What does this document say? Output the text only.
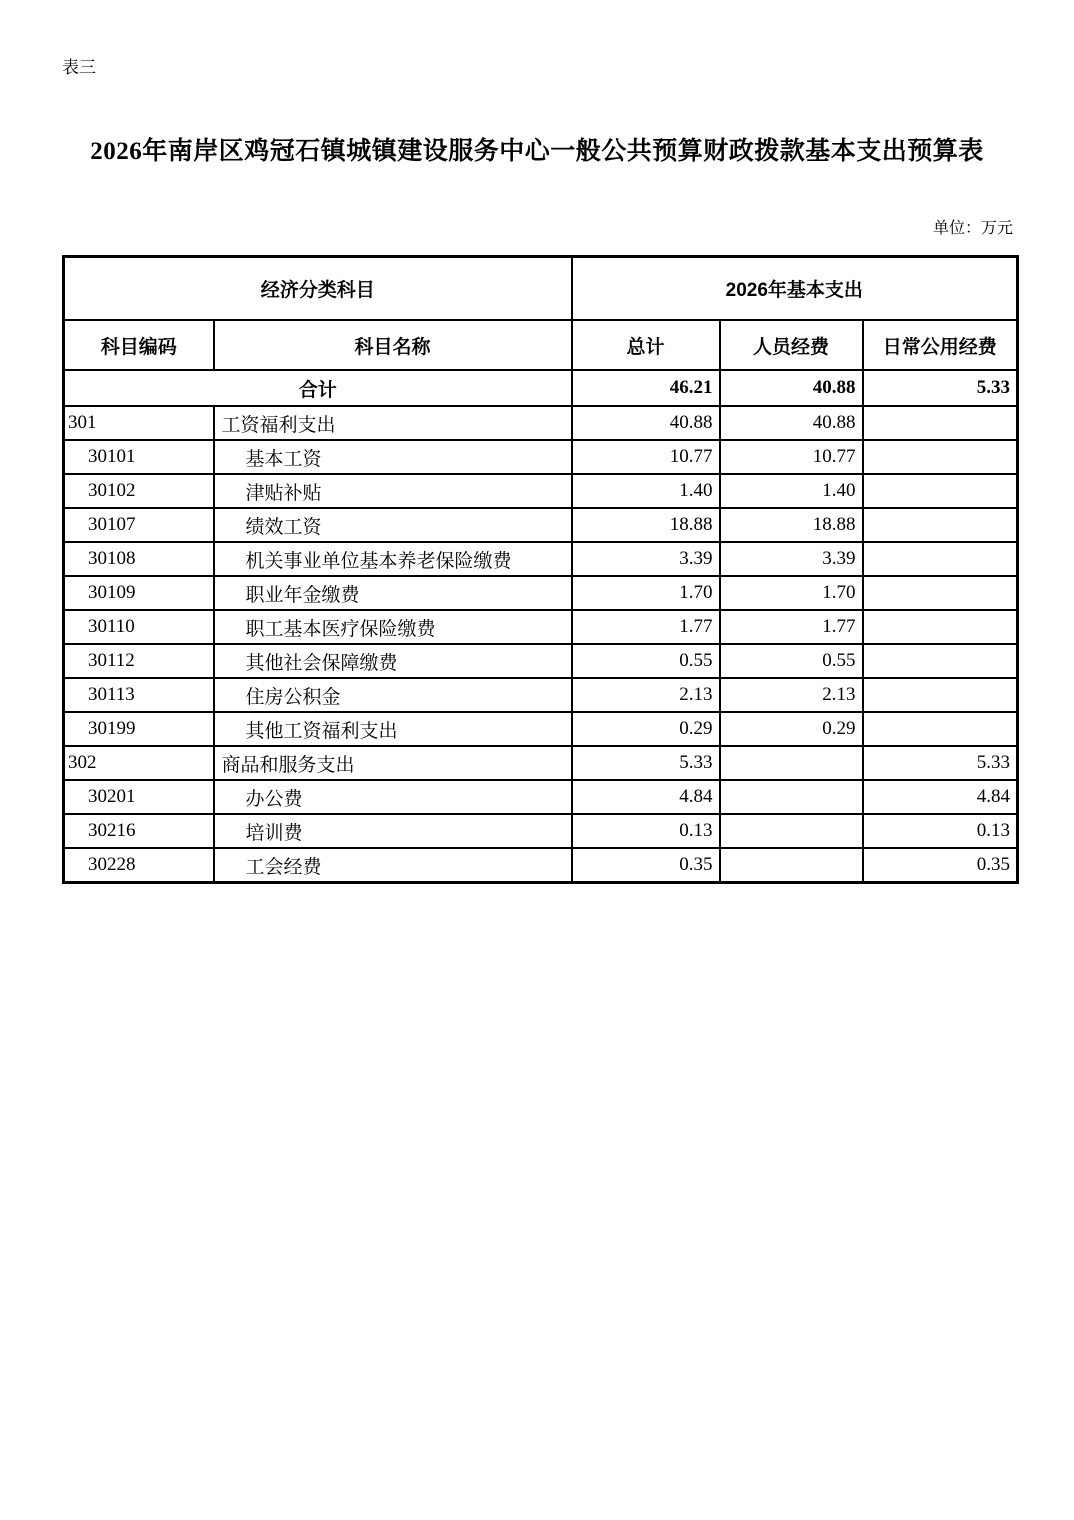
表三
2026年南岸区鸡冠石镇城镇建设服务中心一般公共预算财政拨款基本支出预算表
单位：万元
经济分类科目		2026年基本支出		
科目编码	科目名称	总计	人员经费	日常公用经费
合计		46.21	40.88	5.33
301	工资福利支出	40.88	40.88	
30101	基本工资	10.77	10.77	
30102	津贴补贴	1.40	1.40	
30107	绩效工资	18.88	18.88	
30108	机关事业单位基本养老保险缴费	3.39	3.39	
30109	职业年金缴费	1.70	1.70	
30110	职工基本医疗保险缴费	1.77	1.77	
30112	其他社会保障缴费	0.55	0.55	
30113	住房公积金	2.13	2.13	
30199	其他工资福利支出	0.29	0.29	
302	商品和服务支出	5.33		5.33
30201	办公费	4.84		4.84
30216	培训费	0.13		0.13
30228	工会经费	0.35		0.35
